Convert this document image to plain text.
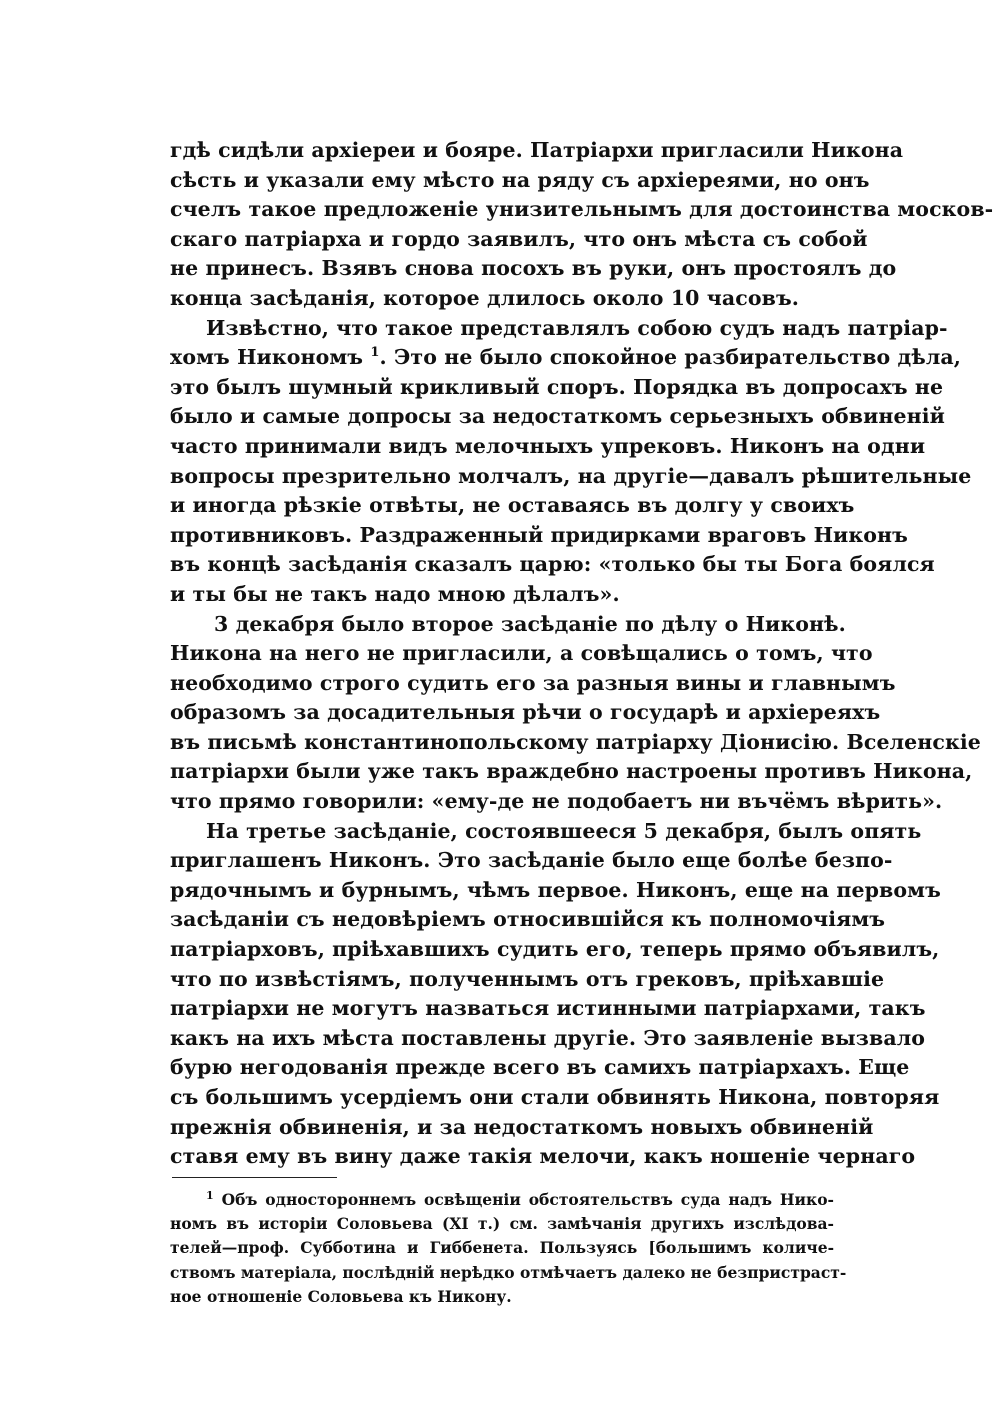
гдѣ сидѣли архіереи и бояре. Патріархи пригласили Никона
сѣсть и указали ему мѣсто на ряду съ архіереями, но онъ
счелъ такое предложеніе унизительнымъ для достоинства москов-
скаго патріарха и гордо заявилъ, что онъ мѣста съ собой
не принесъ. Взявъ снова посохъ въ руки, онъ простоялъ до
конца засѣданія, которое длилось около 10 часовъ.
Извѣстно, что такое представлялъ собою судъ надъ патріар-
хомъ Никономъ $^1$. Это не было спокойное разбирательство дѣла,
это былъ шумный крикливый споръ. Порядка въ допросахъ не
было и самые допросы за недостаткомъ серьезныхъ обвиненій
часто принимали видъ мелочныхъ упрековъ. Никонъ на одни
вопросы презрительно молчалъ, на другіе—давалъ рѣшительные
и иногда рѣзкіе отвѣты, не оставаясь въ долгу у своихъ
противниковъ. Раздраженный придирками враговъ Никонъ
въ концѣ засѣданія сказалъ царю: «только бы ты Бога боялся
и ты бы не такъ надо мною дѣлалъ».
3 декабря было второе засѣданіе по дѣлу о Никонѣ.
Никона на него не пригласили, а совѣщались о томъ, что
необходимо строго судить его за разныя вины и главнымъ
образомъ за досадительныя рѣчи о государѣ и архіереяхъ
въ письмѣ константинопольскому патріарху Діонисію. Вселенскіе
патріархи были уже такъ враждебно настроены противъ Никона,
что прямо говорили: «ему-де не подобаетъ ни въчёмъ вѣрить».
На третье засѣданіе, состоявшееся 5 декабря, былъ опять
приглашенъ Никонъ. Это засѣданіе было еще болѣе безпо-
рядочнымъ и бурнымъ, чѣмъ первое. Никонъ, еще на первомъ
засѣданіи съ недовѣріемъ относившійся къ полномочіямъ
патріарховъ, пріѣхавшихъ судить его, теперь прямо объявилъ,
что по извѣстіямъ, полученнымъ отъ грековъ, пріѣхавшіе
патріархи не могутъ назваться истинными патріархами, такъ
какъ на ихъ мѣста поставлены другіе. Это заявленіе вызвало
бурю негодованія прежде всего въ самихъ патріархахъ. Еще
съ большимъ усердіемъ они стали обвинять Никона, повторяя
прежнія обвиненія, и за недостаткомъ новыхъ обвиненій
ставя ему въ вину даже такія мелочи, какъ ношеніе чернаго
$^1$ Объ одностороннемъ освѣщеніи обстоятельствъ суда надъ Нико-
номъ въ исторіи Соловьева (XI т.) см. замѣчанія другихъ изслѣдова-
телей—проф. Субботина и Гиббенета. Пользуясь [большимъ количе-
ствомъ матеріала, послѣдній нерѣдко отмѣчаетъ далеко не безпристраст-
ное отношеніе Соловьева къ Никону.
